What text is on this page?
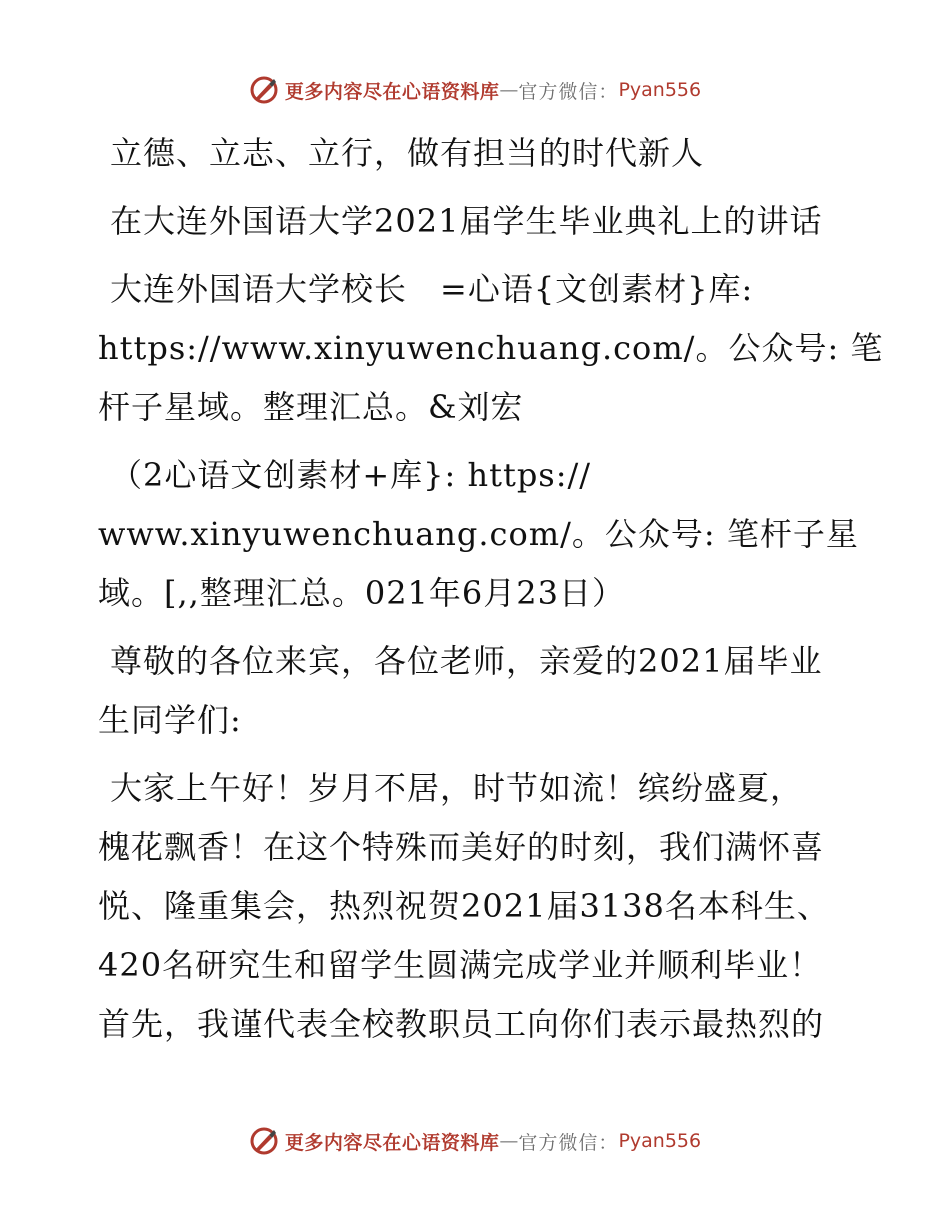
更多内容尽在心语资料库 — 官方微信： Pyan556

立德、立志、立行，做有担当的时代新人

在大连外国语大学2021届学生毕业典礼上的讲话

大连外国语大学校长　=心语{文创素材}库:

https://www.xinyuwenchuang.com/。公众号: 笔

杆子星域。整理汇总。&刘宏

（2心语文创素材+库}: https://

www.xinyuwenchuang.com/。公众号: 笔杆子星

域。[,,整理汇总。021年6月23日）

尊敬的各位来宾，各位老师，亲爱的2021届毕业

生同学们:

大家上午好！岁月不居，时节如流！缤纷盛夏，

槐花飘香！在这个特殊而美好的时刻，我们满怀喜

悦、隆重集会，热烈祝贺2021届3138名本科生、

420名研究生和留学生圆满完成学业并顺利毕业！

首先，我谨代表全校教职员工向你们表示最热烈的

更多内容尽在心语资料库 — 官方微信： Pyan556
